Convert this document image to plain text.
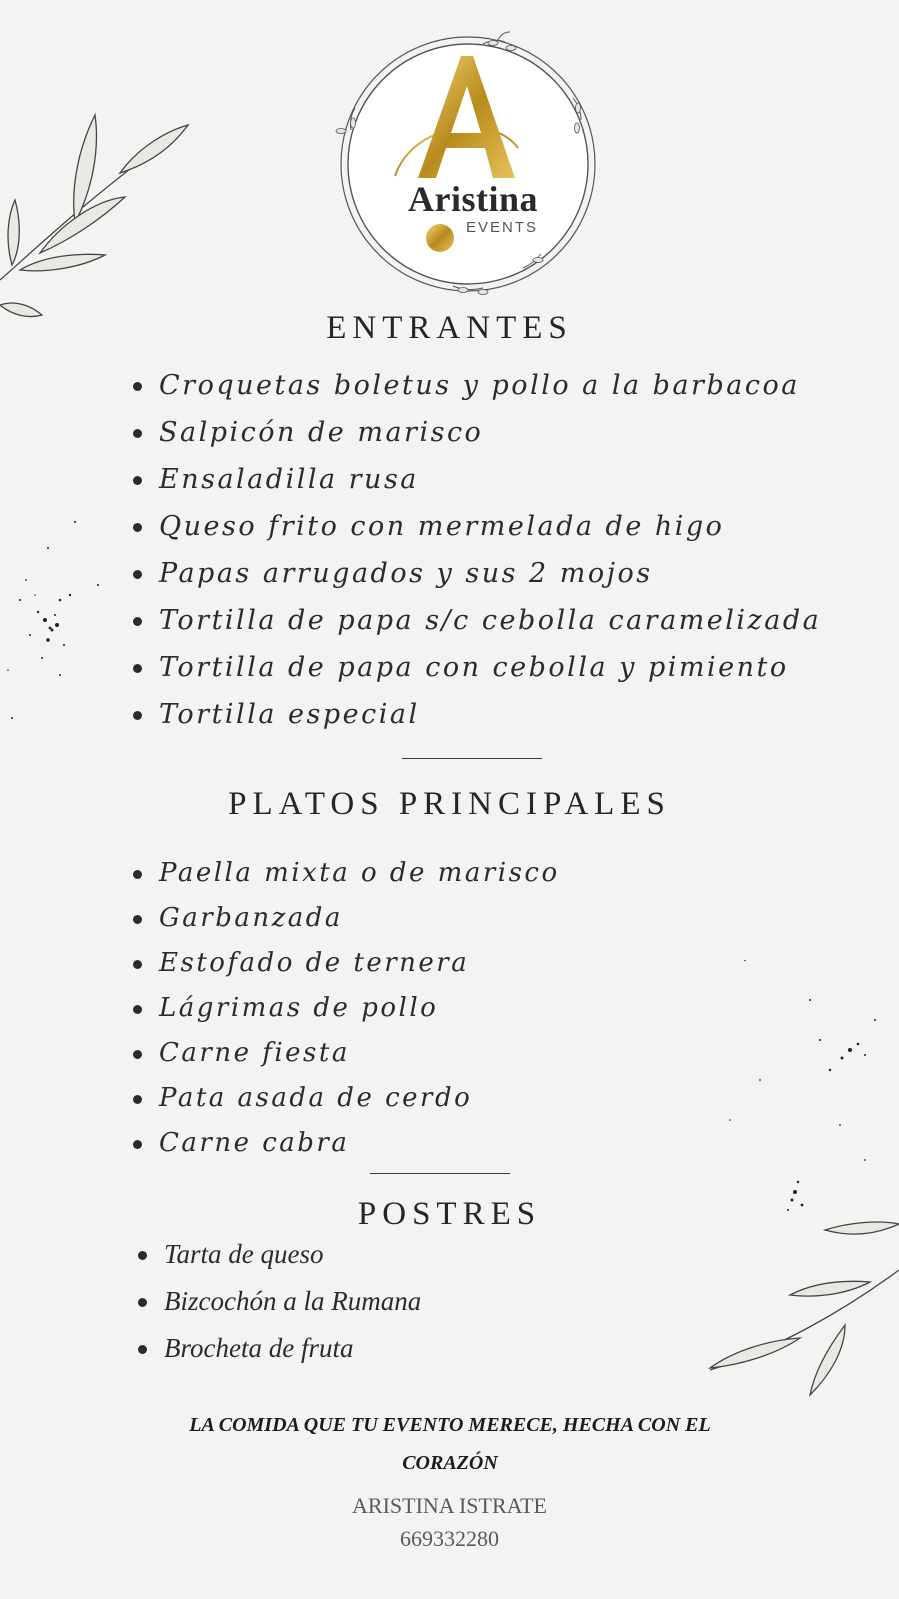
Aristina
EVENTS
ENTRANTES
Croquetas boletus y pollo a la barbacoa
Salpicón de marisco
Ensaladilla rusa
Queso frito con mermelada de higo
Papas arrugados y sus 2 mojos
Tortilla de papa s/c cebolla caramelizada
Tortilla de papa con cebolla y pimiento
Tortilla especial
PLATOS PRINCIPALES
Paella mixta o de marisco
Garbanzada
Estofado de ternera
Lágrimas de pollo
Carne fiesta
Pata asada de cerdo
Carne cabra
POSTRES
Tarta de queso
Bizcochón a la Rumana
Brocheta de fruta
LA COMIDA QUE TU EVENTO MERECE, HECHA CON EL
CORAZÓN
ARISTINA ISTRATE
669332280
